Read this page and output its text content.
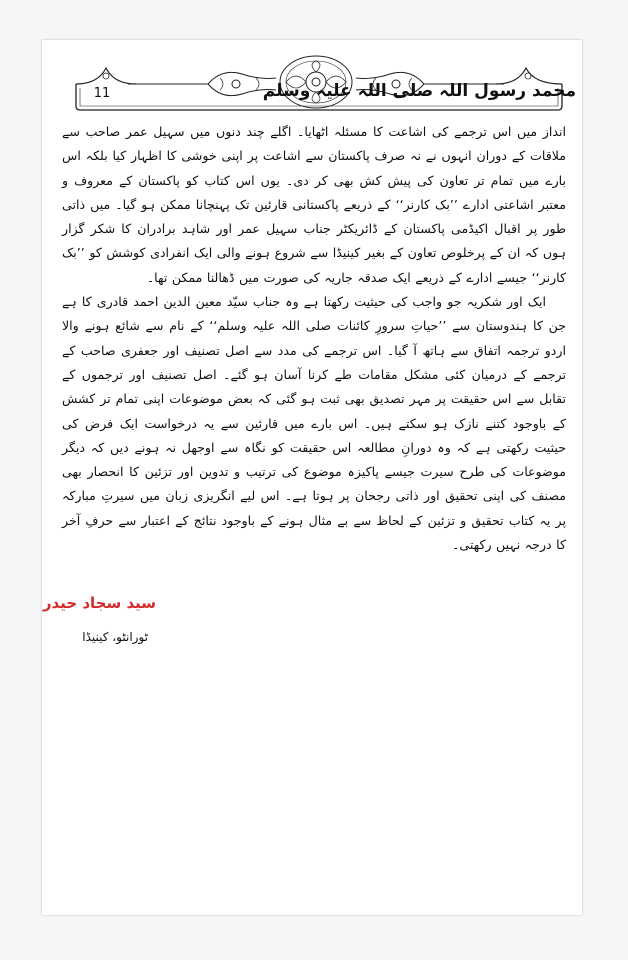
11	محمد رسول اللہ صلی اللہ علیہ وسلم

انداز میں اس ترجمے کی اشاعت کا مسئلہ اٹھایا۔ اگلے چند دنوں میں سہیل عمر صاحب سے ملاقات کے دوران انہوں نے نہ صرف پاکستان سے اشاعت پر اپنی خوشی کا اظہار کیا بلکہ اس بارے میں تمام تر تعاون کی پیش کش بھی کر دی۔ یوں اس کتاب کو پاکستان کے معروف و معتبر اشاعتی ادارے ’’بک کارنر‘‘ کے ذریعے پاکستانی قارئین تک پہنچانا ممکن ہو گیا۔ میں ذاتی طور پر اقبال اکیڈمی پاکستان کے ڈائریکٹر جناب سہیل عمر اور شاہد برادران کا شکر گزار ہوں کہ ان کے پرخلوص تعاون کے بغیر کینیڈا سے شروع ہونے والی ایک انفرادی کوشش کو ’’بک کارنر‘‘ جیسے ادارے کے ذریعے ایک صدقہ جاریہ کی صورت میں ڈھالنا ممکن تھا۔

ایک اور شکریہ جو واجب کی حیثیت رکھتا ہے وہ جناب سیّد معین الدین احمد قادری کا ہے جن کا ہندوستان سے ’’حیاتِ سرورِ کائنات صلی اللہ علیہ وسلم‘‘ کے نام سے شائع ہونے والا اردو ترجمہ اتفاق سے ہاتھ آ گیا۔ اس ترجمے کی مدد سے اصل تصنیف اور جعفری صاحب کے ترجمے کے درمیان کئی مشکل مقامات طے کرنا آسان ہو گئے۔ اصل تصنیف اور ترجموں کے تقابل سے اس حقیقت پر مہر تصدیق بھی ثبت ہو گئی کہ بعض موضوعات اپنی تمام تر کشش کے باوجود کتنے نازک ہو سکتے ہیں۔ اس بارے میں قارئین سے یہ درخواست ایک فرض کی حیثیت رکھتی ہے کہ وہ دورانِ مطالعہ اس حقیقت کو نگاہ سے اوجھل نہ ہونے دیں کہ دیگر موضوعات کی طرح سیرت جیسے پاکیزہ موضوع کی ترتیب و تدوین اور تزئین کا انحصار بھی مصنف کی اپنی تحقیق اور ذاتی رجحان پر ہوتا ہے۔ اس لیے انگریزی زبان میں سیرتِ مبارکہ پر یہ کتاب تحقیق و تزئین کے لحاظ سے بے مثال ہونے کے باوجود نتائج کے اعتبار سے حرفِ آخر کا درجہ نہیں رکھتی۔

سید سجاد حیدر
ٹورانٹو، کینیڈا
